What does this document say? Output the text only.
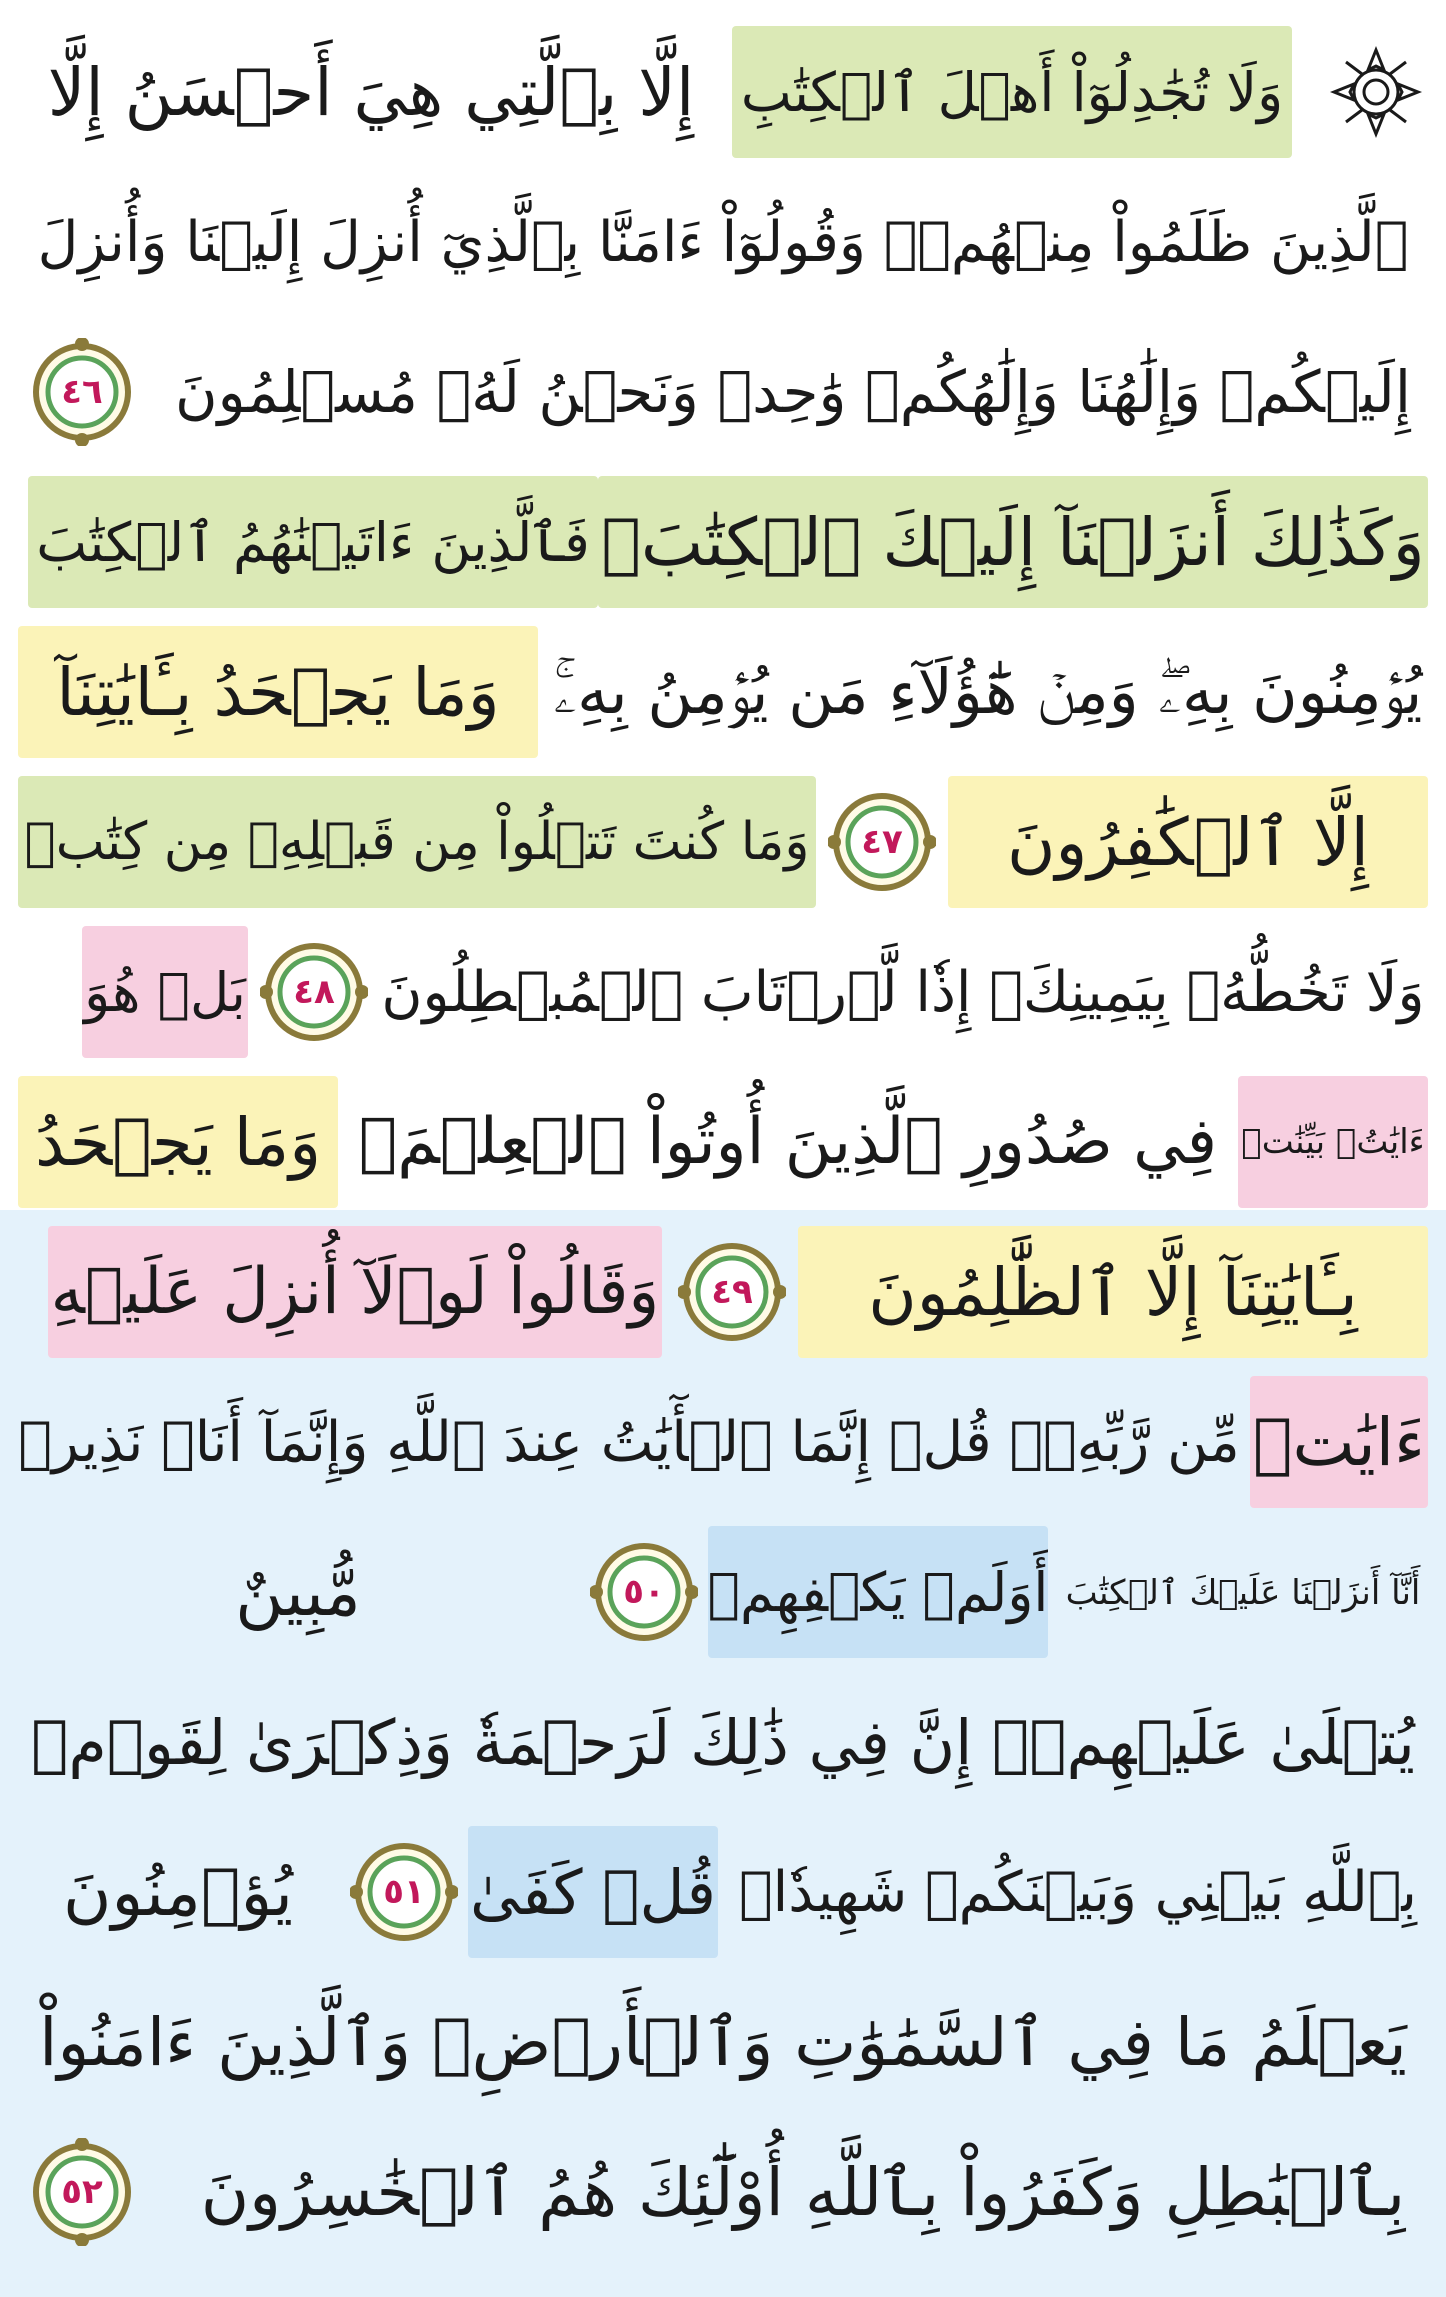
وَلَا تُجَٰدِلُوٓاْ أَهۡلَ ٱلۡكِتَٰبِ
إِلَّا بِٱلَّتِي هِيَ أَحۡسَنُ إِلَّا
ٱلَّذِينَ ظَلَمُواْ مِنۡهُمۡۖ وَقُولُوٓاْ ءَامَنَّا بِٱلَّذِيٓ أُنزِلَ إِلَيۡنَا وَأُنزِلَ
إِلَيۡكُمۡ وَإِلَٰهُنَا وَإِلَٰهُكُمۡ وَٰحِدٞ وَنَحۡنُ لَهُۥ مُسۡلِمُونَ
٤٦
وَكَذَٰلِكَ أَنزَلۡنَآ إِلَيۡكَ ٱلۡكِتَٰبَۚ
فَٱلَّذِينَ ءَاتَيۡنَٰهُمُ ٱلۡكِتَٰبَ
يُؤۡمِنُونَ بِهِۦۖ وَمِنۡ هَٰٓؤُلَآءِ مَن يُؤۡمِنُ بِهِۦۚ
وَمَا يَجۡحَدُ بِـَٔايَٰتِنَآ
إِلَّا ٱلۡكَٰفِرُونَ
٤٧
وَمَا كُنتَ تَتۡلُواْ مِن قَبۡلِهِۦ مِن كِتَٰبٖ
وَلَا تَخُطُّهُۥ بِيَمِينِكَۖ إِذٗا لَّٱرۡتَابَ ٱلۡمُبۡطِلُونَ
٤٨
بَلۡ هُوَ
ءَايَٰتُۢ بَيِّنَٰتٞ
فِي صُدُورِ ٱلَّذِينَ أُوتُواْ ٱلۡعِلۡمَۚ
وَمَا يَجۡحَدُ
بِـَٔايَٰتِنَآ إِلَّا ٱلظَّٰلِمُونَ
٤٩
وَقَالُواْ لَوۡلَآ أُنزِلَ عَلَيۡهِ
ءَايَٰتٞ
مِّن رَّبِّهِۦۖ قُلۡ إِنَّمَا ٱلۡأٓيَٰتُ عِندَ ٱللَّهِ وَإِنَّمَآ أَنَا۠ نَذِيرٞ
أَنَّآ أَنزَلۡنَا عَلَيۡكَ ٱلۡكِتَٰبَ
أَوَلَمۡ يَكۡفِهِمۡ
٥٠
مُّبِينٌ
يُتۡلَىٰ عَلَيۡهِمۡۚ إِنَّ فِي ذَٰلِكَ لَرَحۡمَةٗ وَذِكۡرَىٰ لِقَوۡمٖ
بِٱللَّهِ بَيۡنِي وَبَيۡنَكُمۡ شَهِيدٗاۖ
قُلۡ كَفَىٰ
٥١
يُؤۡمِنُونَ
يَعۡلَمُ مَا فِي ٱلسَّمَٰوَٰتِ وَٱلۡأَرۡضِۗ وَٱلَّذِينَ ءَامَنُواْ
بِٱلۡبَٰطِلِ وَكَفَرُواْ بِٱللَّهِ أُوْلَٰٓئِكَ هُمُ ٱلۡخَٰسِرُونَ
٥٢
